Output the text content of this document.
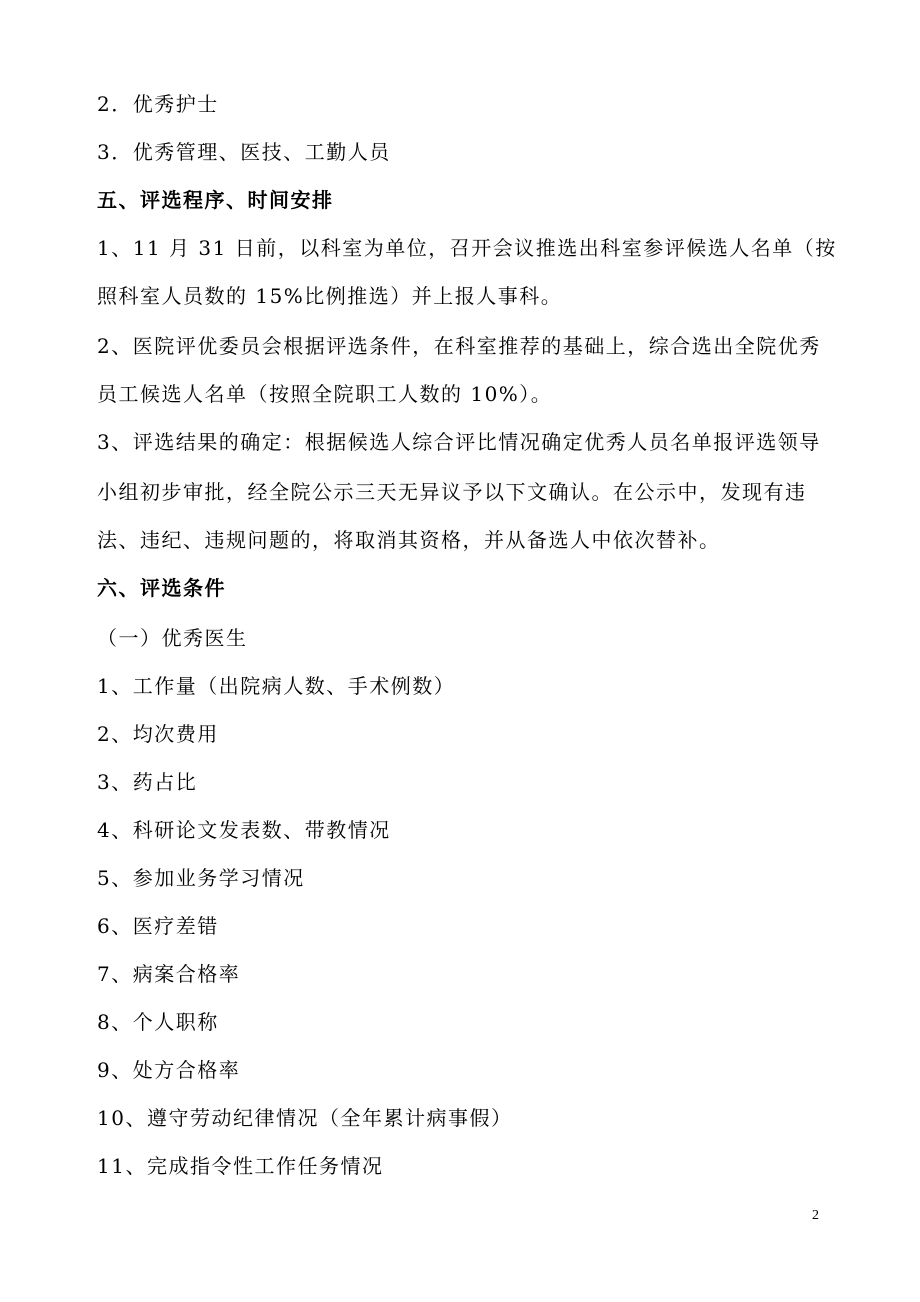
2．优秀护士
3．优秀管理、医技、工勤人员
五、评选程序、时间安排
1、11 月 31 日前，以科室为单位，召开会议推选出科室参评候选人名单（按
照科室人员数的 15%比例推选）并上报人事科。
2、医院评优委员会根据评选条件，在科室推荐的基础上，综合选出全院优秀
员工候选人名单（按照全院职工人数的 10%）。
3、评选结果的确定：根据候选人综合评比情况确定优秀人员名单报评选领导
小组初步审批，经全院公示三天无异议予以下文确认。在公示中，发现有违
法、违纪、违规问题的，将取消其资格，并从备选人中依次替补。
六、评选条件
（一）优秀医生
1、工作量（出院病人数、手术例数）
2、均次费用
3、药占比
4、科研论文发表数、带教情况
5、参加业务学习情况
6、医疗差错
7、病案合格率
8、个人职称
9、处方合格率
10、遵守劳动纪律情况（全年累计病事假）
11、完成指令性工作任务情况
2
